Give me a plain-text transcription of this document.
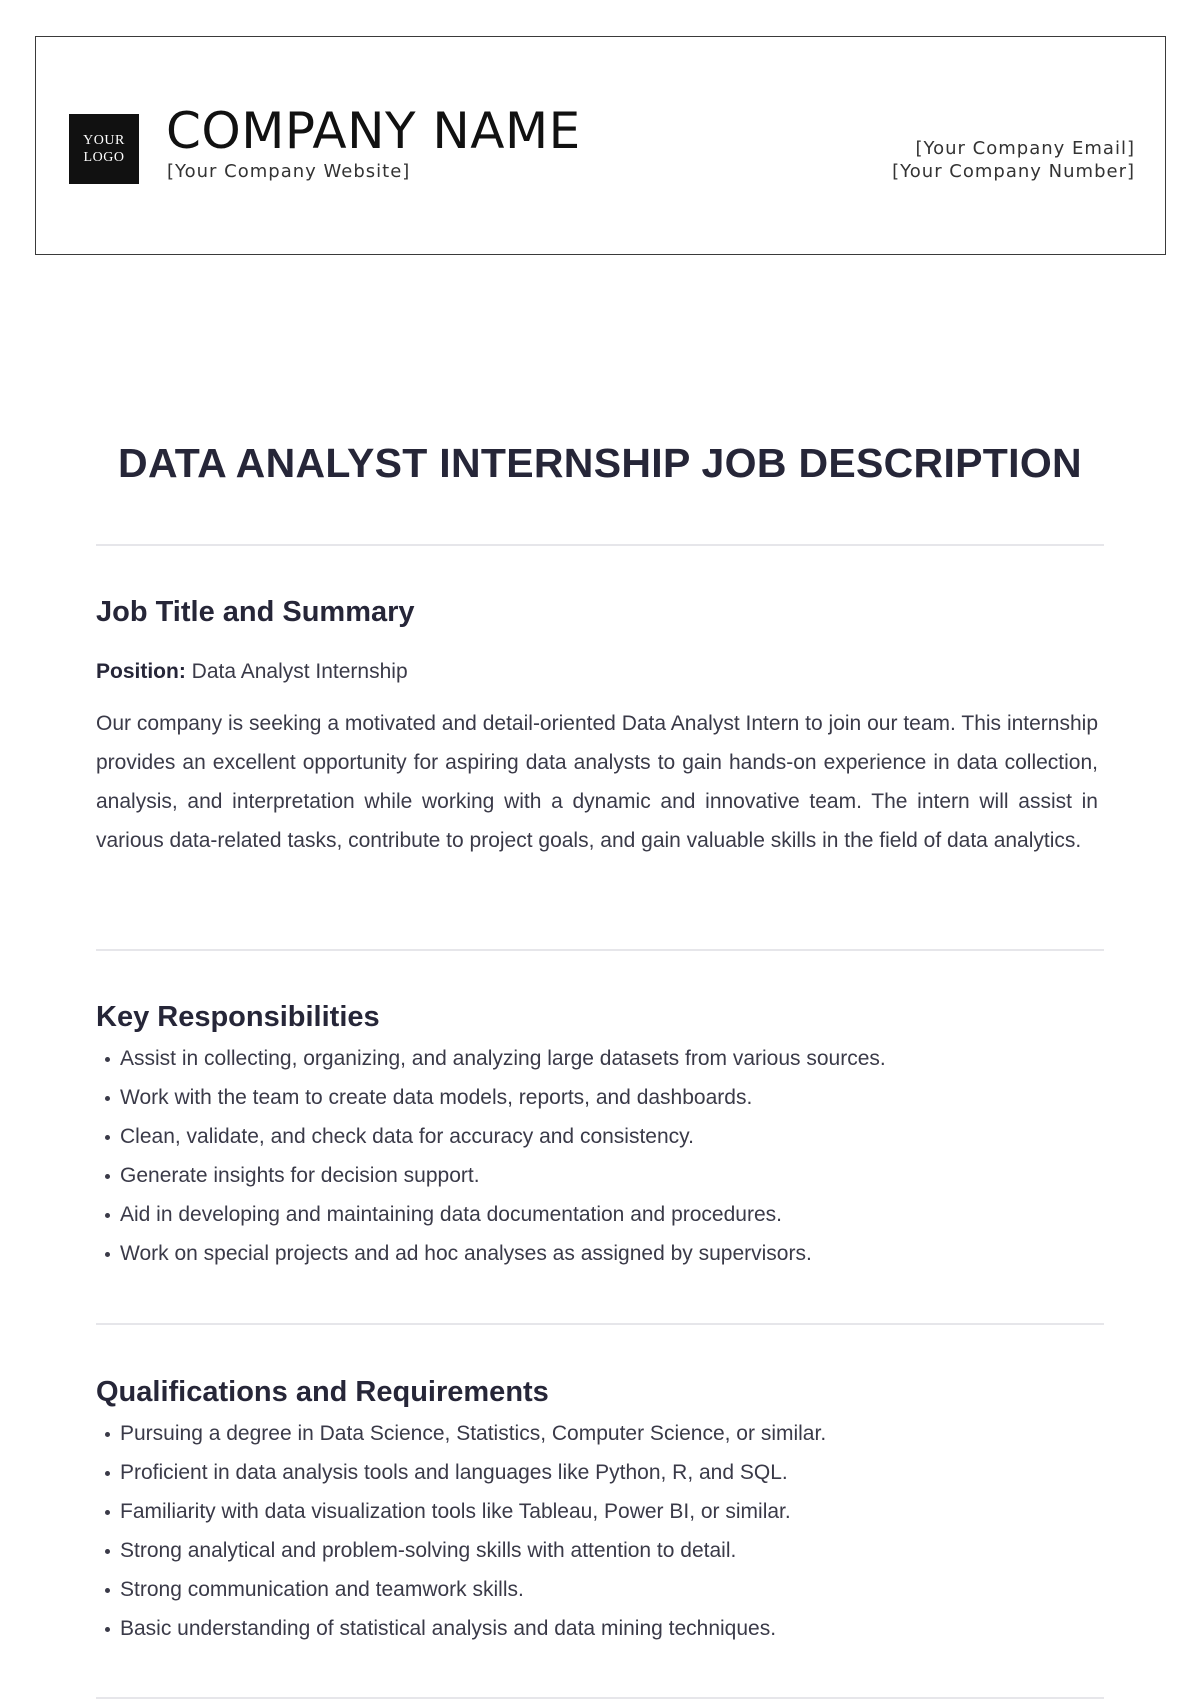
YOUR
LOGO COMPANY NAME
[Your Company Website]
[Your Company Email]
[Your Company Number]
DATA ANALYST INTERNSHIP JOB DESCRIPTION
Job Title and Summary
Position: Data Analyst Internship

Our company is seeking a motivated and detail-oriented Data Analyst Intern to join our team. This internship provides an excellent opportunity for aspiring data analysts to gain hands-on experience in data collection, analysis, and interpretation while working with a dynamic and innovative team. The intern will assist in various data-related tasks, contribute to project goals, and gain valuable skills in the field of data analytics.

Key Responsibilities
Assist in collecting, organizing, and analyzing large datasets from various sources.
Work with the team to create data models, reports, and dashboards.
Clean, validate, and check data for accuracy and consistency.
Generate insights for decision support.
Aid in developing and maintaining data documentation and procedures.
Work on special projects and ad hoc analyses as assigned by supervisors.
Qualifications and Requirements
Pursuing a degree in Data Science, Statistics, Computer Science, or similar.
Proficient in data analysis tools and languages like Python, R, and SQL.
Familiarity with data visualization tools like Tableau, Power BI, or similar.
Strong analytical and problem-solving skills with attention to detail.
Strong communication and teamwork skills.
Basic understanding of statistical analysis and data mining techniques.
